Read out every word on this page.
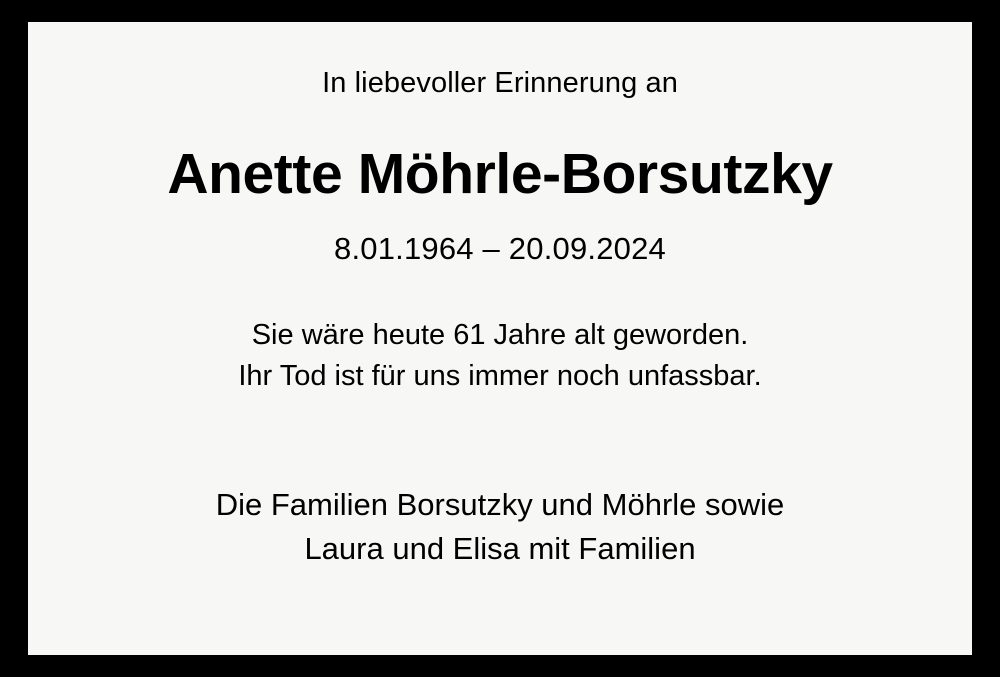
In liebevoller Erinnerung an
Anette Möhrle-Borsutzky
8.01.1964 – 20.09.2024
Sie wäre heute 61 Jahre alt geworden.
Ihr Tod ist für uns immer noch unfassbar.
Die Familien Borsutzky und Möhrle sowie
Laura und Elisa mit Familien
